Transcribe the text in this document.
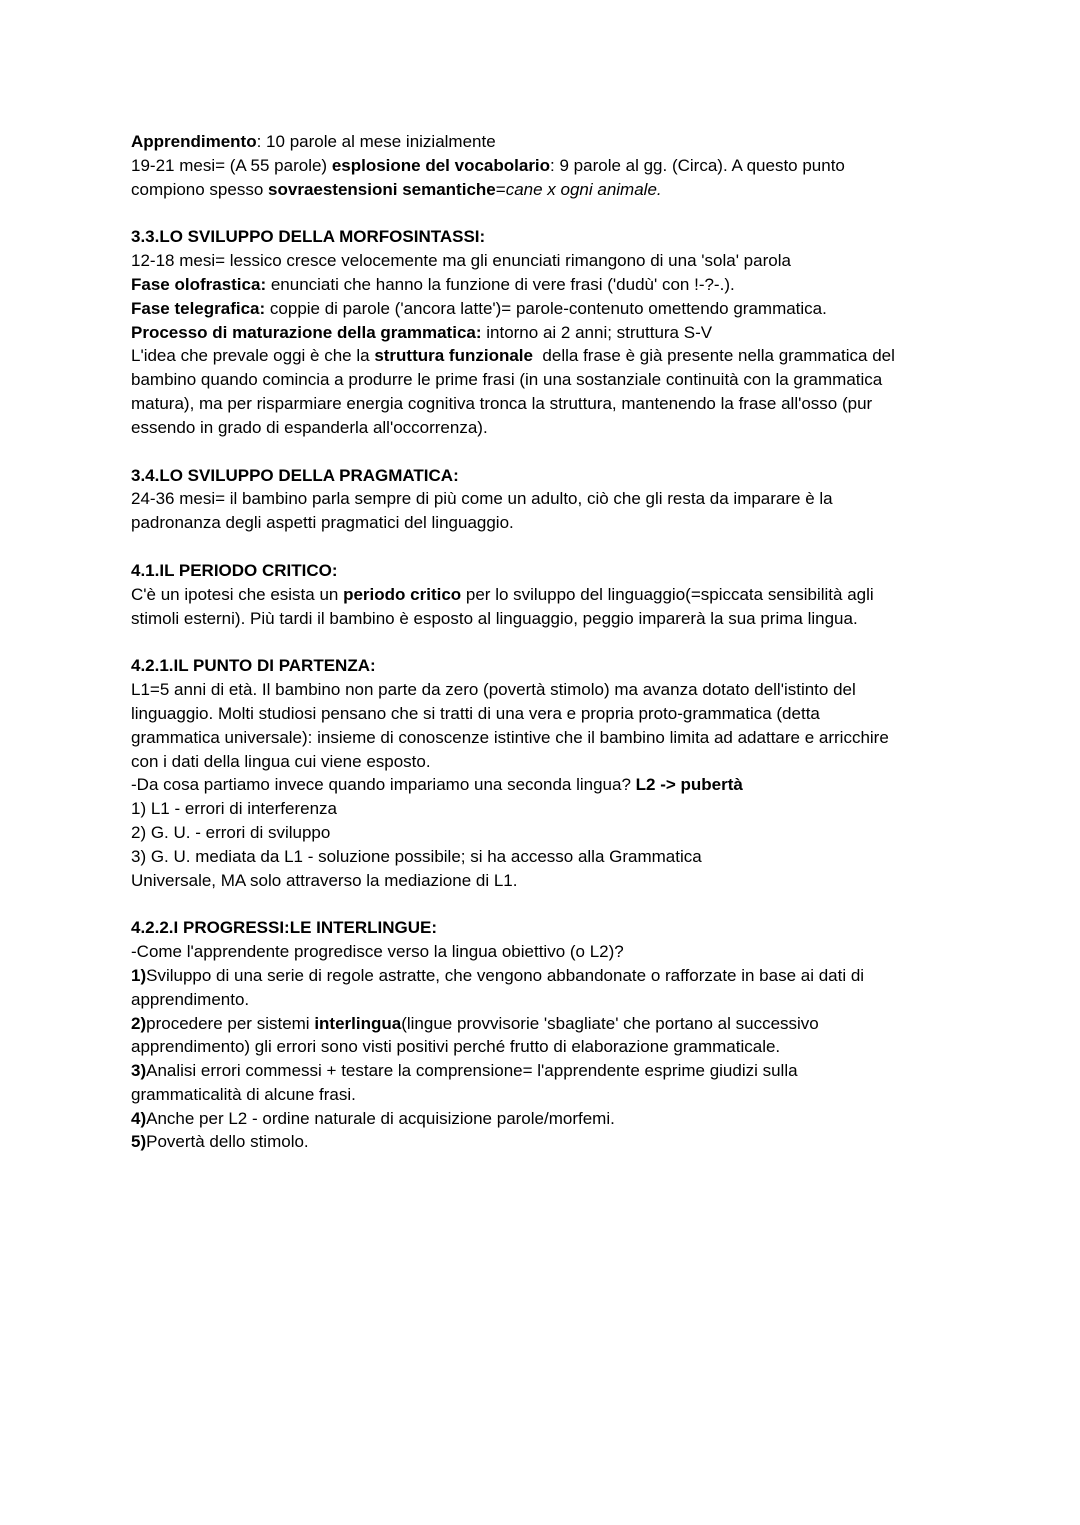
Apprendimento: 10 parole al mese inizialmente
19-21 mesi= (A 55 parole) esplosione del vocabolario: 9 parole al gg. (Circa). A questo punto
compiono spesso sovraestensioni semantiche=cane x ogni animale.

3.3.LO SVILUPPO DELLA MORFOSINTASSI:

12-18 mesi= lessico cresce velocemente ma gli enunciati rimangono di una 'sola' parola
Fase olofrastica: enunciati che hanno la funzione di vere frasi ('dudù' con !-?-.).
Fase telegrafica: coppie di parole ('ancora latte')= parole-contenuto omettendo grammatica.
Processo di maturazione della grammatica: intorno ai 2 anni; struttura S-V
L'idea che prevale oggi è che la struttura funzionale  della frase è già presente nella grammatica del
bambino quando comincia a produrre le prime frasi (in una sostanziale continuità con la grammatica
matura), ma per risparmiare energia cognitiva tronca la struttura, mantenendo la frase all'osso (pur
essendo in grado di espanderla all'occorrenza).

3.4.LO SVILUPPO DELLA PRAGMATICA:

24-36 mesi= il bambino parla sempre di più come un adulto, ciò che gli resta da imparare è la
padronanza degli aspetti pragmatici del linguaggio.

4.1.IL PERIODO CRITICO:

C'è un ipotesi che esista un periodo critico per lo sviluppo del linguaggio(=spiccata sensibilità agli
stimoli esterni). Più tardi il bambino è esposto al linguaggio, peggio imparerà la sua prima lingua.

4.2.1.IL PUNTO DI PARTENZA:

L1=5 anni di età. Il bambino non parte da zero (povertà stimolo) ma avanza dotato dell'istinto del
linguaggio. Molti studiosi pensano che si tratti di una vera e propria proto-grammatica (detta
grammatica universale): insieme di conoscenze istintive che il bambino limita ad adattare e arricchire
con i dati della lingua cui viene esposto.
-Da cosa partiamo invece quando impariamo una seconda lingua? L2 -> pubertà
1) L1 - errori di interferenza
2) G. U. - errori di sviluppo
3) G. U. mediata da L1 - soluzione possibile; si ha accesso alla Grammatica
Universale, MA solo attraverso la mediazione di L1.

4.2.2.I PROGRESSI:LE INTERLINGUE:

-Come l'apprendente progredisce verso la lingua obiettivo (o L2)?
1)Sviluppo di una serie di regole astratte, che vengono abbandonate o rafforzate in base ai dati di
apprendimento.
2)procedere per sistemi interlingua(lingue provvisorie 'sbagliate' che portano al successivo
apprendimento) gli errori sono visti positivi perché frutto di elaborazione grammaticale.
3)Analisi errori commessi + testare la comprensione= l'apprendente esprime giudizi sulla
grammaticalità di alcune frasi.
4)Anche per L2 - ordine naturale di acquisizione parole/morfemi.
5)Povertà dello stimolo.
